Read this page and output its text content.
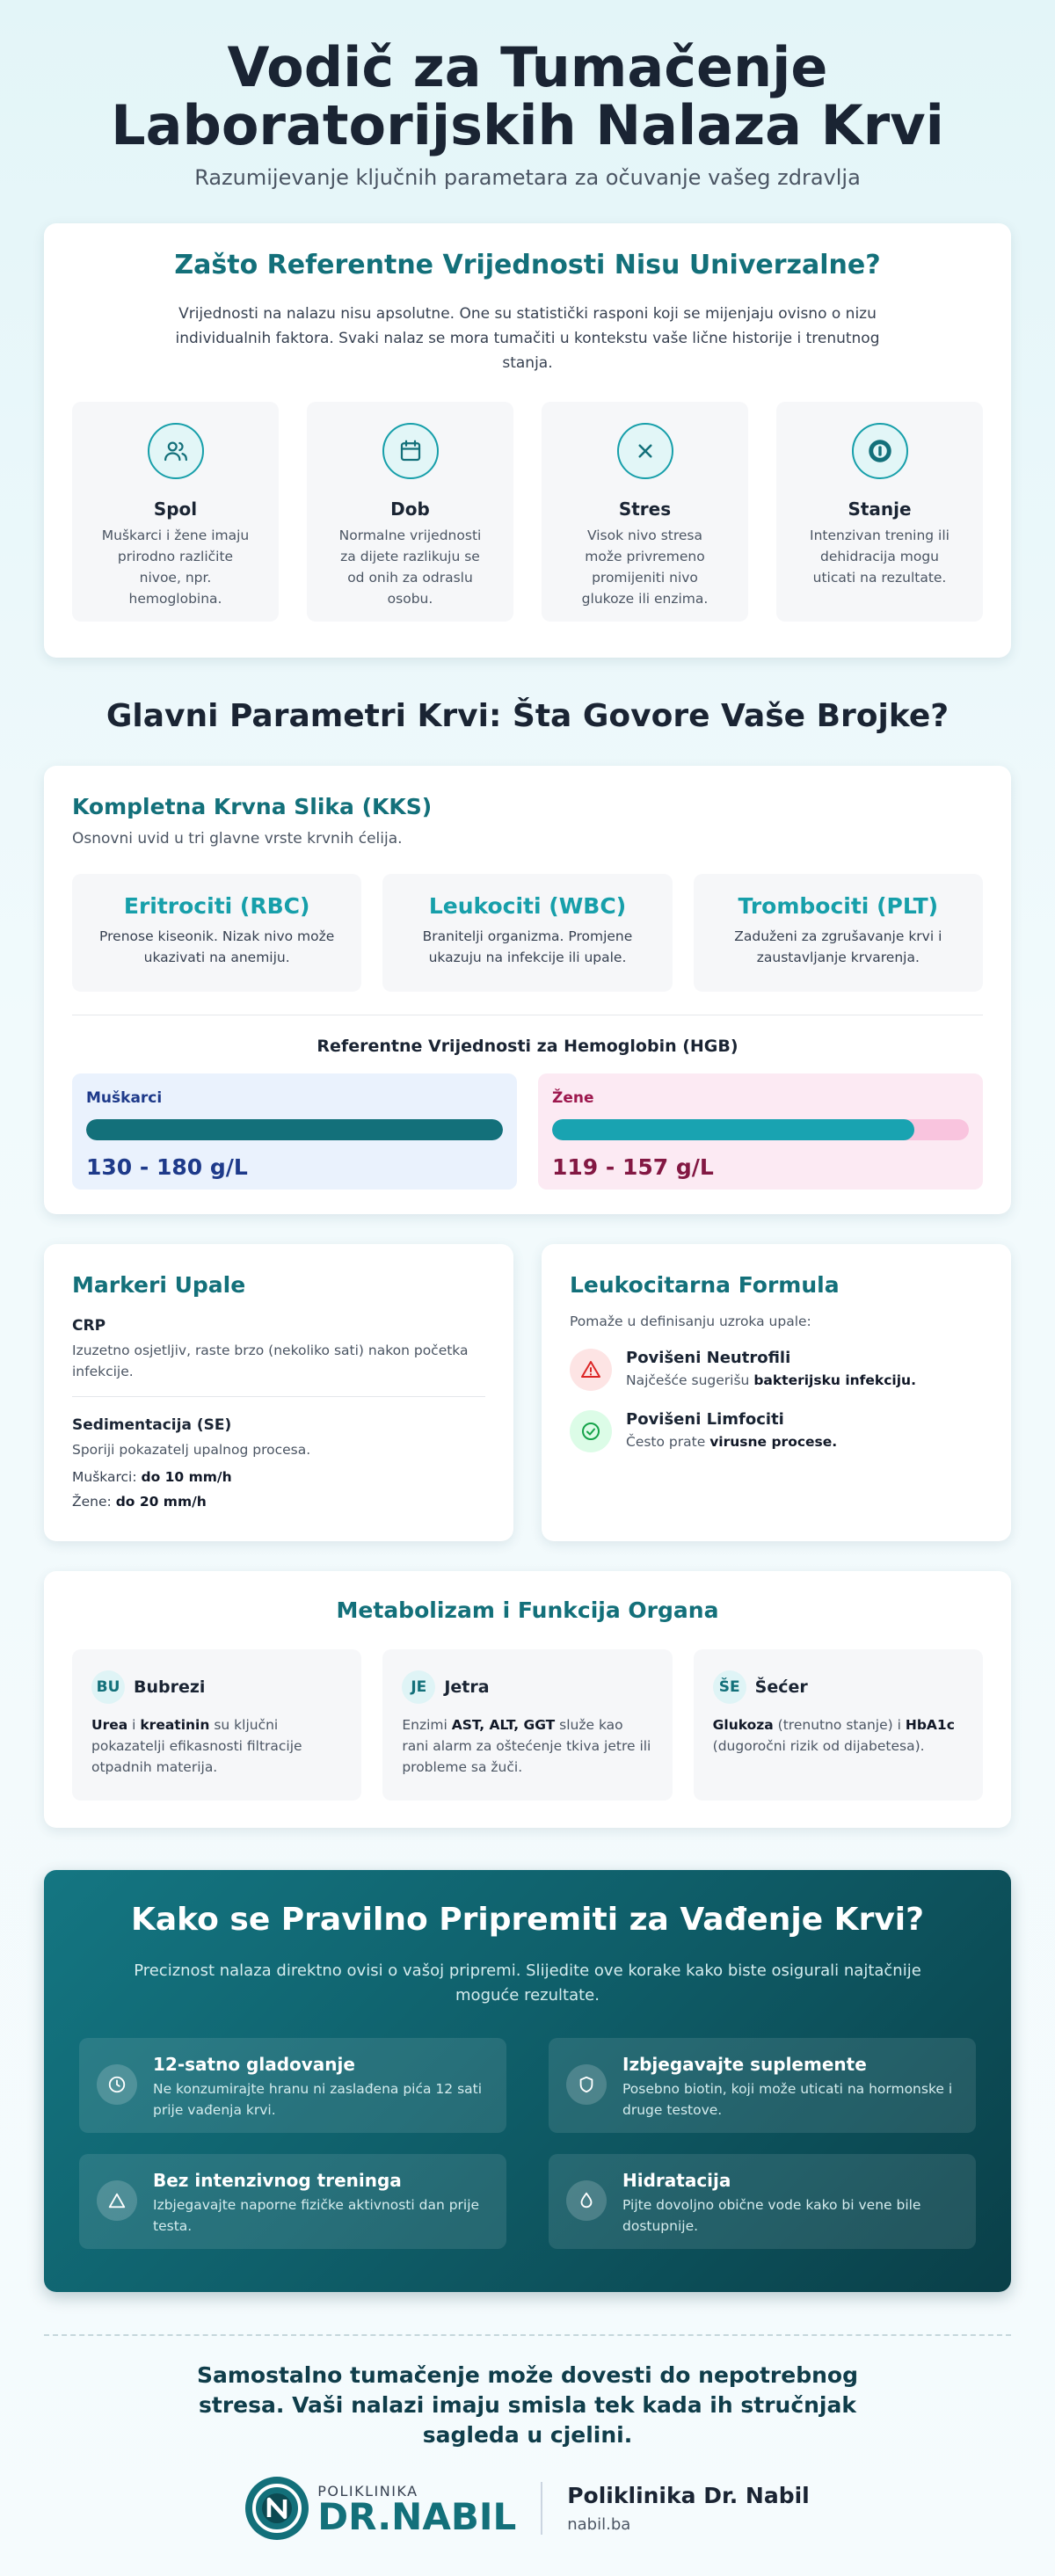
Vodič za Tumačenje
Laboratorijskih Nalaza Krvi

Razumijevanje ključnih parametara za očuvanje vašeg zdravlja

Zašto Referentne Vrijednosti Nisu Univerzalne?

Vrijednosti na nalazu nisu apsolutne. One su statistički rasponi koji se mijenjaju ovisno o nizu individualnih faktora. Svaki nalaz se mora tumačiti u kontekstu vaše lične historije i trenutnog stanja.

Spol

Muškarci i žene imaju prirodno različite nivoe, npr. hemoglobina.

Dob

Normalne vrijednosti za dijete razlikuju se od onih za odraslu osobu.

Stres

Visok nivo stresa može privremeno promijeniti nivo glukoze ili enzima.

Stanje

Intenzivan trening ili dehidracija mogu uticati na rezultate.

Glavni Parametri Krvi: Šta Govore Vaše Brojke?
Kompletna Krvna Slika (KKS)

Osnovni uvid u tri glavne vrste krvnih ćelija.

Eritrociti (RBC)

Prenose kiseonik. Nizak nivo može ukazivati na anemiju.

Leukociti (WBC)

Branitelji organizma. Promjene ukazuju na infekcije ili upale.

Trombociti (PLT)

Zaduženi za zgrušavanje krvi i zaustavljanje krvarenja.

Referentne Vrijednosti za Hemoglobin (HGB)
Muškarci
130 - 180 g/L
Žene
119 - 157 g/L
Markeri Upale
CRP
Izuzetno osjetljiv, raste brzo (nekoliko sati) nakon početka infekcije.
Sedimentacija (SE)
Sporiji pokazatelj upalnog procesa.
Muškarci: do 10 mm/h
Žene: do 20 mm/h
Leukocitarna Formula
Pomaže u definisanju uzroka upale:
Povišeni Neutrofili
Najčešće sugerišu bakterijsku infekciju.
Povišeni Limfociti
Često prate virusne procese.
Metabolizam i Funkcija Organa
BU Bubrezi

Urea i kreatinin su ključni pokazatelji efikasnosti filtracije otpadnih materija.

JE	Jetra

Enzimi AST, ALT, GGT služe kao rani alarm za oštećenje tkiva jetre ili probleme sa žuči.

ŠE Šećer

Glukoza (trenutno stanje) i HbA1c (dugoročni rizik od dijabetesa).

Kako se Pravilno Pripremiti za Vađenje Krvi?

Preciznost nalaza direktno ovisi o vašoj pripremi. Slijedite ove korake kako biste osigurali najtačnije moguće rezultate.

12-satno gladovanje
Ne konzumirajte hranu ni zaslađena pića 12 sati prije vađenja krvi.
Izbjegavajte suplemente
Posebno biotin, koji može uticati na hormonske i druge testove.
Bez intenzivnog treninga
Izbjegavajte naporne fizičke aktivnosti dan prije testa.
Hidratacija
Pijte dovoljno obične vode kako bi vene bile dostupnije.

Samostalno tumačenje može dovesti do nepotrebnog stresa. Vaši nalazi imaju smisla tek kada ih stručnjak sagleda u cjelini.

POLIKLINIKA
DR.NABIL Poliklinika Dr. Nabil
nabil.ba
